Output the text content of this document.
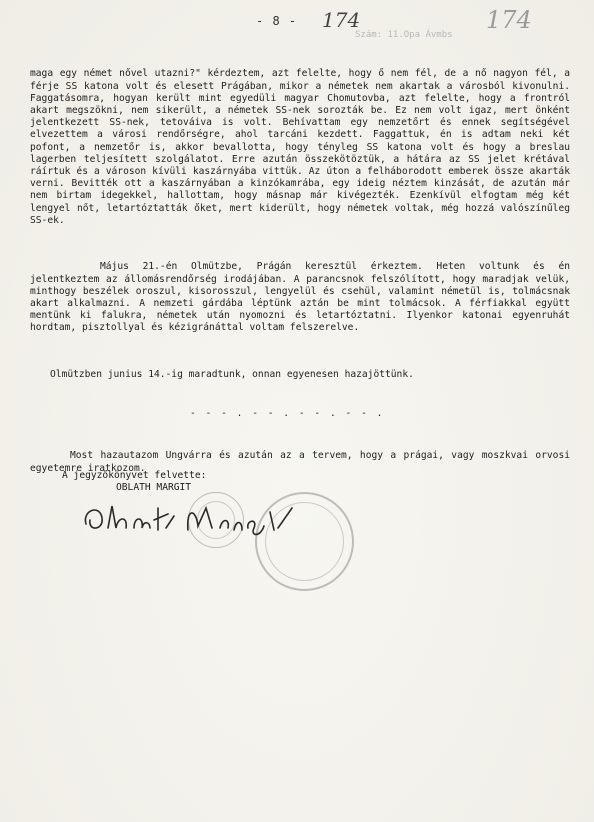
- 8 - 174	174
Szám: 11.Opa Ávmbs

maga egy német nővel utazni?" kérdeztem, azt felelte, hogy ő nem fél, de a nő nagyon fél, a férje SS katona volt és elesett Prágában, mikor a németek nem akartak a városból kivonulni. Faggatásomra, hogyan került mint egyedüli magyar Chomutovba, azt felelte, hogy a frontról akart megszökni, nem sikerült, a németek SS-nek sorozták be. Ez nem volt igaz, mert önként jelentkezett SS-nek, tetováiva is volt. Behívattam egy nemzetőrt és ennek segítségével elvezettem a városi rendőrségre, ahol tarcáni kezdett. Faggattuk, én is adtam neki két pofont, a nemzetőr is, akkor bevallotta, hogy tényleg SS katona volt és hogy a breslau lagerben teljesített szolgálatot. Erre azután összekötöztük, a hátára az SS jelet krétával ráírtuk és a városon kívüli kaszárnyába vittük. Az úton a felháborodott emberek össze akarták verni. Bevitték ott a kaszárnyában a kinzókamrába, egy ideig néztem kinzását, de azután már nem birtam idegekkel, hallottam, hogy másnap már kivégezték. Ezenkívül elfogtam még két lengyel nőt, letartóztatták őket, mert kiderült, hogy németek voltak, még hozzá valószínűleg SS-ek.

Május 21.-én Olmützbe, Prágán keresztül érkeztem. Heten voltunk és én jelentkeztem az állomásrendőrség irodájában. A parancsnok felszólított, hogy maradjak velük, minthogy beszélek oroszul, kisorosszul, lengyelül és csehül, valamint németül is, tolmácsnak akart alkalmazni. A nemzeti gárdába léptünk aztán be mint tolmácsok. A férfiakkal együtt mentünk ki falukra, németek után nyomozni és letartóztatni. Ilyenkor katonai egyenruhát hordtam, pisztollyal és kézigránáttal voltam felszerelve.

Olmützben junius 14.-ig maradtunk, onnan egyenesen hazajöttünk.

- - - . - - . - - . - - .

Most hazautazom Ungvárra és azután az a tervem, hogy a prágai, vagy moszkvai orvosi egyetemre iratkozom.

A jegyzőkönyvet felvette:
OBLATH MARGIT
